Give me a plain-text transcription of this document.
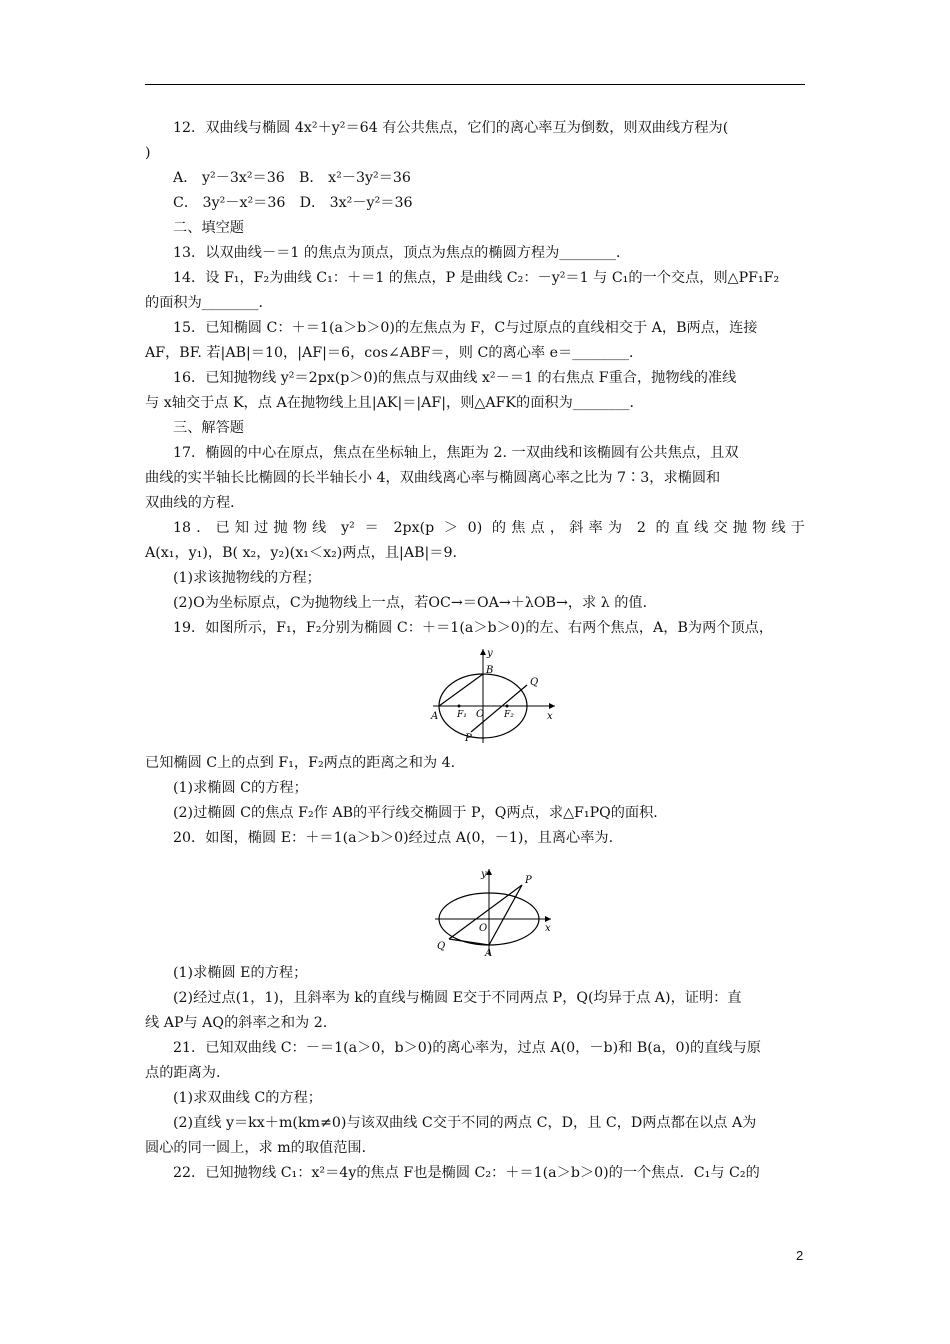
12．双曲线与椭圆 4x²＋y²＝64 有公共焦点，它们的离心率互为倒数，则双曲线方程为(
)
A． y²－3x²＝36　B． x²－3y²＝36
C． 3y²－x²＝36　D． 3x²－y²＝36
二、填空题
13．以双曲线－＝1 的焦点为顶点，顶点为焦点的椭圆方程为________．
14．设 F₁，F₂为曲线 C₁：＋＝1 的焦点，P 是曲线 C₂：－y²＝1 与 C₁的一个交点，则△PF₁F₂
的面积为________．
15．已知椭圆 C：＋＝1(a＞b＞0)的左焦点为 F，C与过原点的直线相交于 A，B两点，连接
AF，BF. 若|AB|＝10，|AF|＝6，cos∠ABF＝，则 C的离心率 e＝________．
16．已知抛物线 y²＝2px(p＞0)的焦点与双曲线 x²－＝1 的右焦点 F重合，抛物线的准线
与 x轴交于点 K，点 A在抛物线上且|AK|＝|AF|，则△AFK的面积为________．
三、解答题
17．椭圆的中心在原点，焦点在坐标轴上，焦距为 2. 一双曲线和该椭圆有公共焦点，且双
曲线的实半轴长比椭圆的长半轴长小 4，双曲线离心率与椭圆离心率之比为 7∶3，求椭圆和
双曲线的方程．
18．已知过抛物线 y² ＝ 2px(p ＞ 0) 的焦点，斜率为 2 的直线交抛物线于
A(x₁，y₁)，B( x₂，y₂)(x₁＜x₂)两点，且|AB|＝9.
(1)求该抛物线的方程；
(2)O为坐标原点，C为抛物线上一点，若OC→＝OA→＋λOB→，求 λ 的值．
19．如图所示，F₁，F₂分别为椭圆 C：＋＝1(a＞b＞0)的左、右两个焦点，A，B为两个顶点，
y
B
Q
A F₁ O F₂	x
P
已知椭圆 C上的点到 F₁，F₂两点的距离之和为 4.
(1)求椭圆 C的方程；
(2)过椭圆 C的焦点 F₂作 AB的平行线交椭圆于 P，Q两点，求△F₁PQ的面积．
20．如图，椭圆 E：＋＝1(a＞b＞0)经过点 A(0，－1)，且离心率为.
y
P
O	x
Q
A
(1)求椭圆 E的方程；
(2)经过点(1，1)，且斜率为 k的直线与椭圆 E交于不同两点 P，Q(均异于点 A)，证明：直
线 AP与 AQ的斜率之和为 2.
21．已知双曲线 C：－＝1(a＞0，b＞0)的离心率为，过点 A(0，－b)和 B(a，0)的直线与原
点的距离为.
(1)求双曲线 C的方程；
(2)直线 y＝kx＋m(km≠0)与该双曲线 C交于不同的两点 C，D，且 C，D两点都在以点 A为
圆心的同一圆上，求 m的取值范围．
22．已知抛物线 C₁：x²＝4y的焦点 F也是椭圆 C₂：＋＝1(a＞b＞0)的一个焦点．C₁与 C₂的
2
